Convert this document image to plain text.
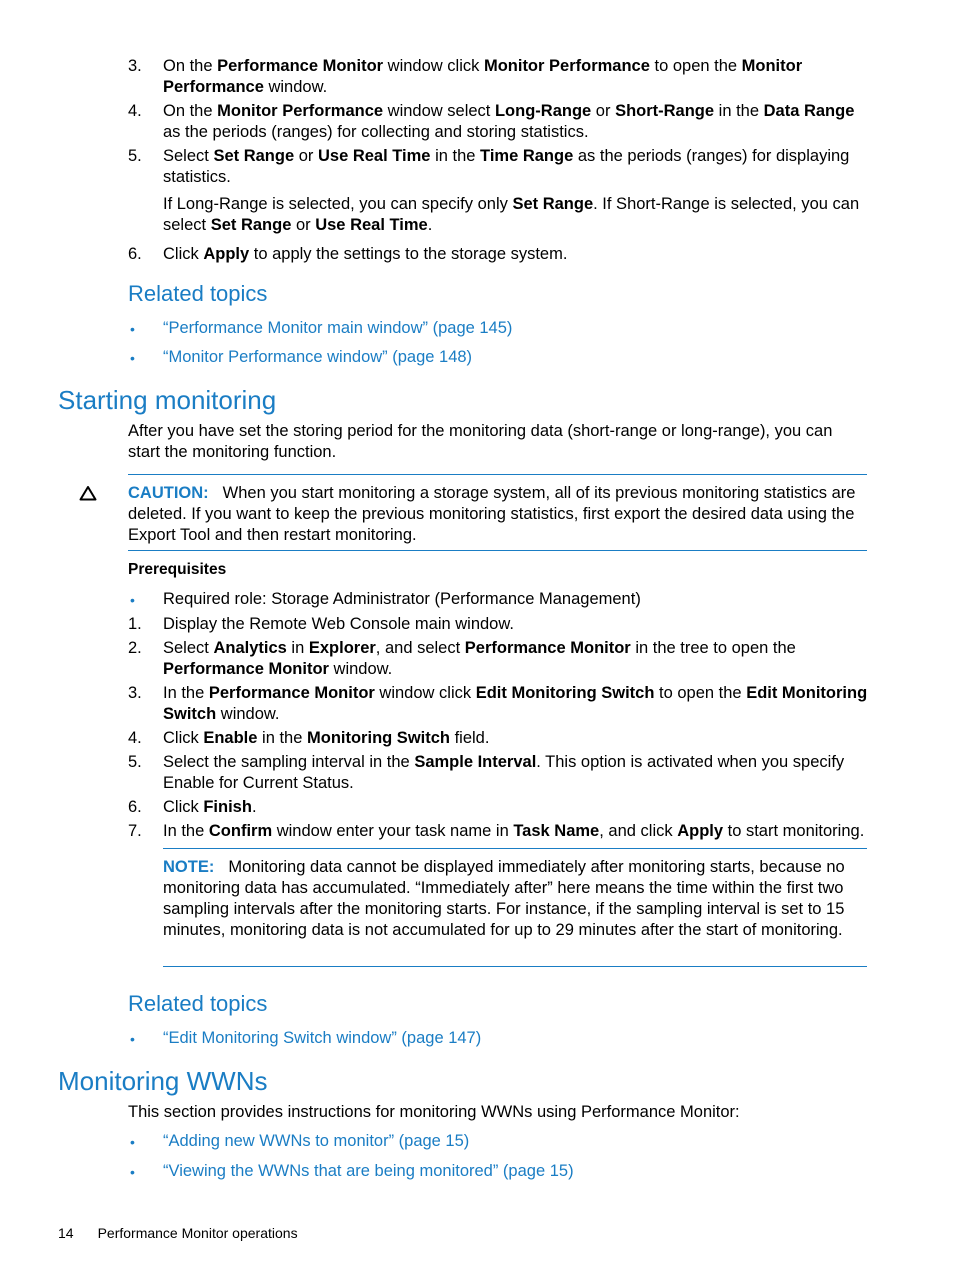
3. On the Performance Monitor window click Monitor Performance to open the Monitor Performance window.
4. On the Monitor Performance window select Long-Range or Short-Range in the Data Range as the periods (ranges) for collecting and storing statistics.
5. Select Set Range or Use Real Time in the Time Range as the periods (ranges) for displaying statistics.
If Long-Range is selected, you can specify only Set Range. If Short-Range is selected, you can select Set Range or Use Real Time.
6. Click Apply to apply the settings to the storage system.
Related topics
• “Performance Monitor main window” (page 145)
• “Monitor Performance window” (page 148)
Starting monitoring
After you have set the storing period for the monitoring data (short-range or long-range), you can start the monitoring function.
CAUTION: When you start monitoring a storage system, all of its previous monitoring statistics are deleted. If you want to keep the previous monitoring statistics, first export the desired data using the Export Tool and then restart monitoring.
Prerequisites
• Required role: Storage Administrator (Performance Management)
1. Display the Remote Web Console main window.
2. Select Analytics in Explorer, and select Performance Monitor in the tree to open the Performance Monitor window.
3. In the Performance Monitor window click Edit Monitoring Switch to open the Edit Monitoring Switch window.
4. Click Enable in the Monitoring Switch field.
5. Select the sampling interval in the Sample Interval. This option is activated when you specify Enable for Current Status.
6. Click Finish.
7. In the Confirm window enter your task name in Task Name, and click Apply to start monitoring.
NOTE: Monitoring data cannot be displayed immediately after monitoring starts, because no monitoring data has accumulated. “Immediately after” here means the time within the first two sampling intervals after the monitoring starts. For instance, if the sampling interval is set to 15 minutes, monitoring data is not accumulated for up to 29 minutes after the start of monitoring.
Related topics
• “Edit Monitoring Switch window” (page 147)
Monitoring WWNs
This section provides instructions for monitoring WWNs using Performance Monitor:
• “Adding new WWNs to monitor” (page 15)
• “Viewing the WWNs that are being monitored” (page 15)
14 Performance Monitor operations
